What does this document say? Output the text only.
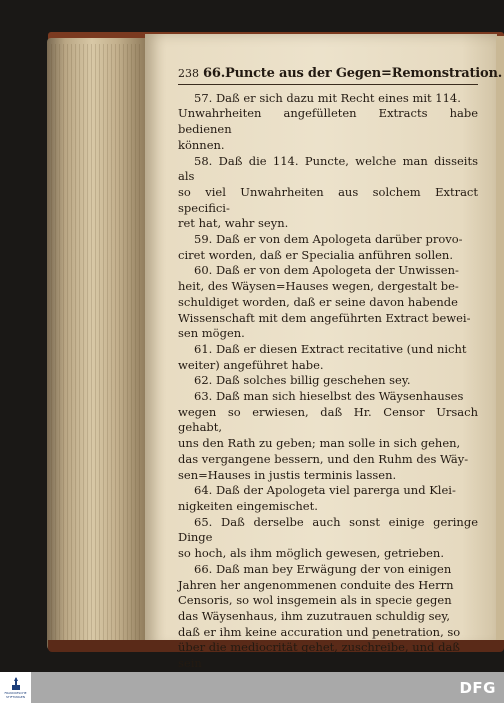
238 66.Puncte aus der Gegen=Remonstration.

57. Daß er sich dazu mit Recht eines mit 114.

Unwahrheiten angefülleten Extracts habe bedienen

können.

58. Daß die 114. Puncte, welche man disseits als

so viel Unwahrheiten aus solchem Extract specifici-

ret hat, wahr seyn.

59. Daß er von dem Apologeta darüber provo-

ciret worden, daß er Specialia anführen sollen.

60. Daß er von dem Apologeta der Unwissen-

heit, des Wäysen=Hauses wegen, dergestalt be-

schuldiget worden, daß er seine davon habende

Wissenschaft mit dem angeführten Extract bewei-

sen mögen.

61. Daß er diesen Extract recitative (und nicht

weiter) angeführet habe.

62. Daß solches billig geschehen sey.

63. Daß man sich hieselbst des Wäysenhauses

wegen so erwiesen, daß Hr. Censor Ursach gehabt,

uns den Rath zu geben; man solle in sich gehen,

das vergangene bessern, und den Ruhm des Wäy-

sen=Hauses in justis terminis lassen.

64. Daß der Apologeta viel parerga und Klei-

nigkeiten eingemischet.

65. Daß derselbe auch sonst einige geringe Dinge

so hoch, als ihm möglich gewesen, getrieben.

66. Daß man bey Erwägung der von einigen

Jahren her angenommenen conduite des Herrn

Censoris, so wol insgemein als in specie gegen

das Wäysenhaus, ihm zuzutrauen schuldig sey,

daß er ihm keine accuration und penetration, so

über die mediocrität gehet, zuschreibe, und daß

sein

FRANCKESCHE
STIFTUNGEN	DFG
